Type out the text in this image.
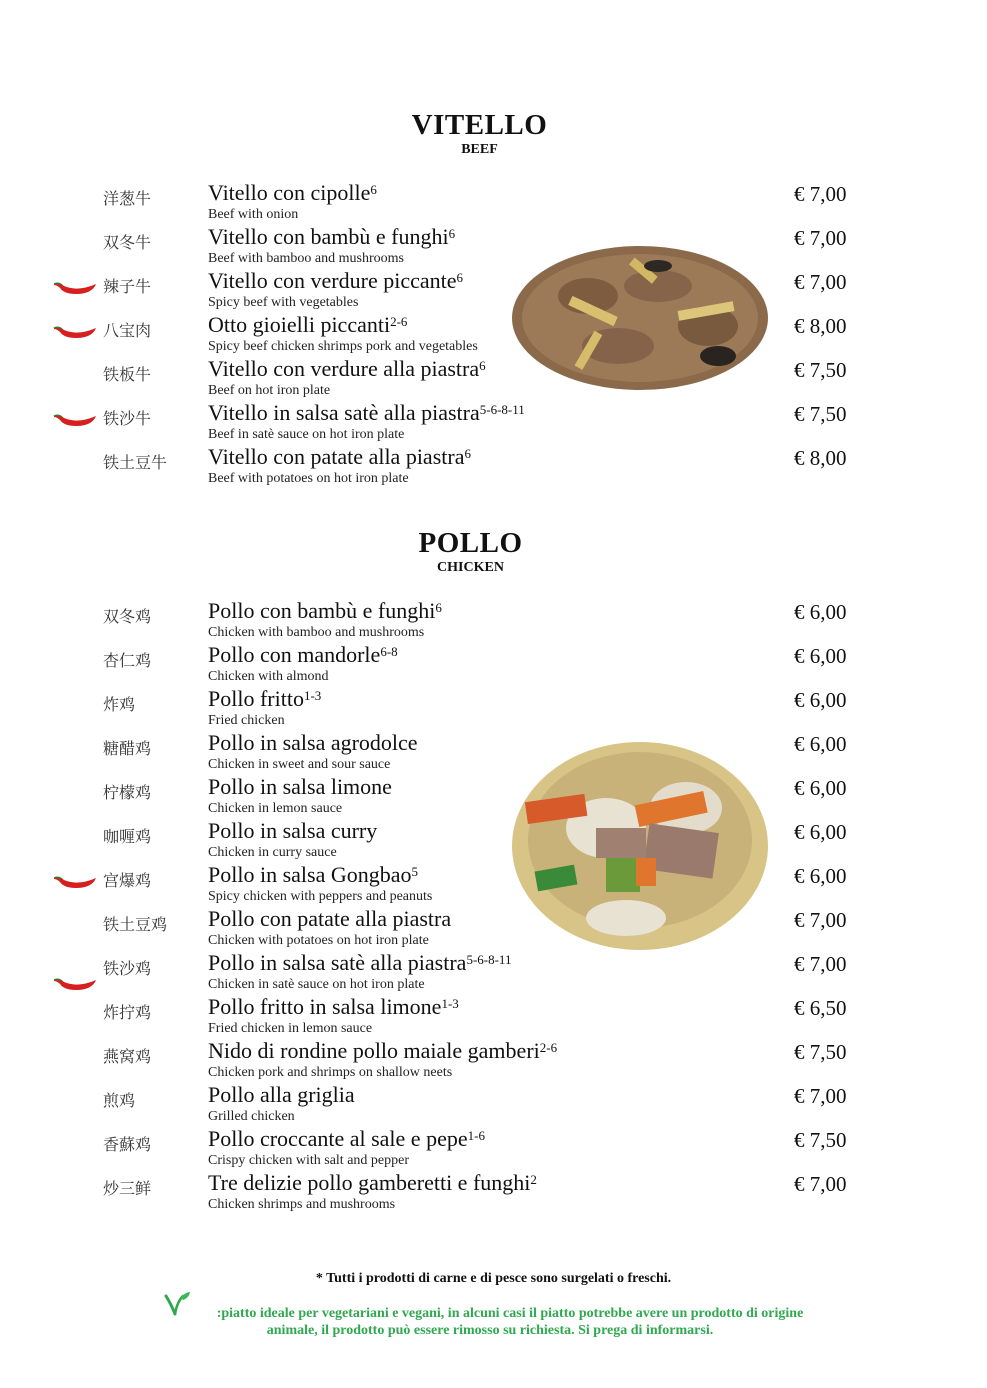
VITELLO
BEEF
洋葱牛	Vitello con cipolle$^6$
Beef with onion
€ 7,00
双冬牛	Vitello con bambù e funghi$^6$
Beef with bamboo and mushrooms
€ 7,00
辣子牛	Vitello con verdure piccante$^6$
Spicy beef with vegetables
€ 7,00
八宝肉	Otto gioielli piccanti$^{2-6}$
Spicy beef chicken shrimps pork and vegetables
€ 8,00
铁板牛	Vitello con verdure alla piastra$^6$
Beef on hot iron plate
€ 7,50
铁沙牛	Vitello in salsa satè alla piastra$^{5-6-8-11}$
Beef in satè sauce on hot iron plate
€ 7,50
铁土豆牛 Vitello con patate alla piastra$^6$
Beef with potatoes on hot iron plate
€ 8,00
POLLO
CHICKEN
双冬鸡	Pollo con bambù e funghi$^6$
Chicken with bamboo and mushrooms
€ 6,00
杏仁鸡	Pollo con mandorle$^{6-8}$
Chicken with almond
€ 6,00
炸鸡	Pollo fritto$^{1-3}$
Fried chicken
€ 6,00
糖醋鸡	Pollo in salsa agrodolce
Chicken in sweet and sour sauce
€ 6,00
柠檬鸡	Pollo in salsa limone
Chicken in lemon sauce
€ 6,00
咖喱鸡	Pollo in salsa curry
Chicken in curry sauce
€ 6,00
宫爆鸡	Pollo in salsa Gongbao$^5$
Spicy chicken with peppers and peanuts
€ 6,00
铁土豆鸡 Pollo con patate alla piastra
Chicken with potatoes on hot iron plate
€ 7,00
铁沙鸡	Pollo in salsa satè alla piastra$^{5-6-8-11}$
Chicken in satè sauce on hot iron plate
€ 7,00
炸拧鸡	Pollo fritto in salsa limone$^{1-3}$
Fried chicken in lemon sauce
€ 6,50
燕窝鸡	Nido di rondine pollo maiale gamberi$^{2-6}$
Chicken pork and shrimps on shallow neets
€ 7,50
煎鸡	Pollo alla griglia
Grilled chicken
€ 7,00
香蘇鸡	Pollo croccante al sale e pepe$^{1-6}$
Crispy chicken with salt and pepper
€ 7,50
炒三鲜	Tre delizie pollo gamberetti e funghi$^2$
Chicken shrimps and mushrooms
€ 7,00
* Tutti i prodotti di carne e di pesce sono surgelati o freschi.
:piatto ideale per vegetariani e vegani, in alcuni casi il piatto potrebbe avere un prodotto di origine
animale, il prodotto può essere rimosso su richiesta. Si prega di informarsi.
